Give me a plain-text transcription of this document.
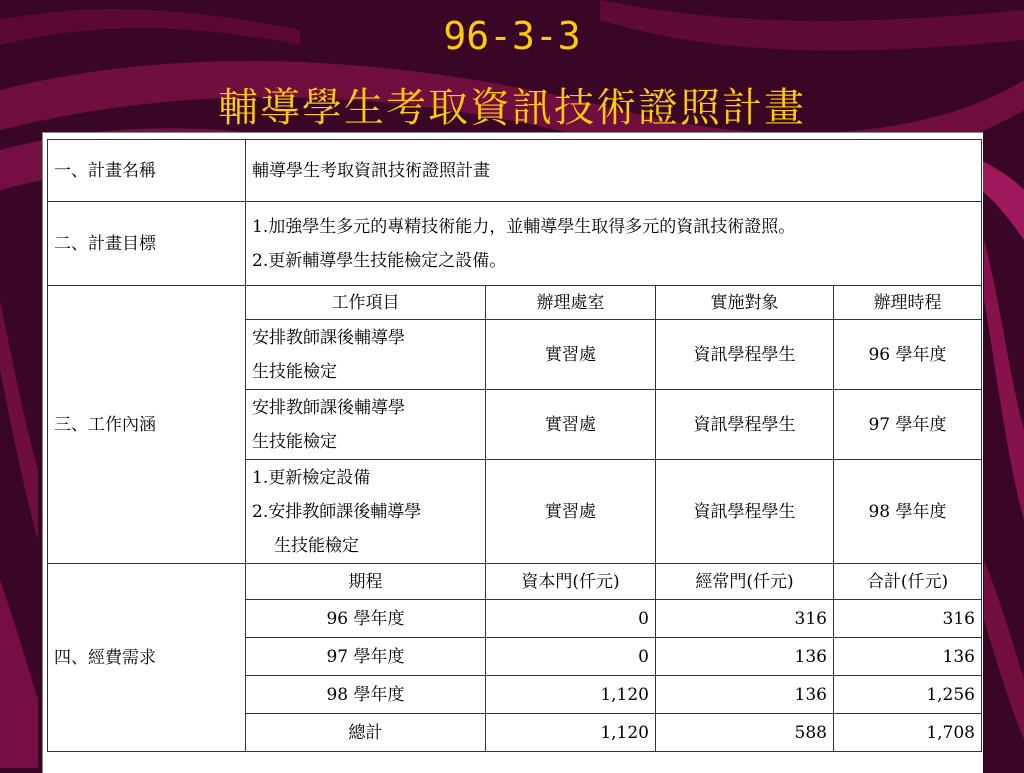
96-3-3
輔導學生考取資訊技術證照計畫
一、計畫名稱	輔導學生考取資訊技術證照計畫			
二、計畫目標	1.加強學生多元的專精技術能力，並輔導學生取得多元的資訊技術證照。
2.更新輔導學生技能檢定之設備。			

三、工作內涵	工作項目	辦理處室	實施對象	辦理時程

	安排教師課後輔導學
生技能檢定	實習處	資訊學程學生	96 學年度

	安排教師課後輔導學
生技能檢定	實習處	資訊學程學生	97 學年度

	1.更新檢定設備
2.安排教師課後輔導學
生技能檢定	實習處	資訊學程學生	98 學年度
四、經費需求	期程	資本門(仟元)	經常門(仟元)	合計(仟元)
	96 學年度	0	316	316
	97 學年度	0	136	136
	98 學年度	1,120	136	1,256
	總計	1,120	588	1,708
